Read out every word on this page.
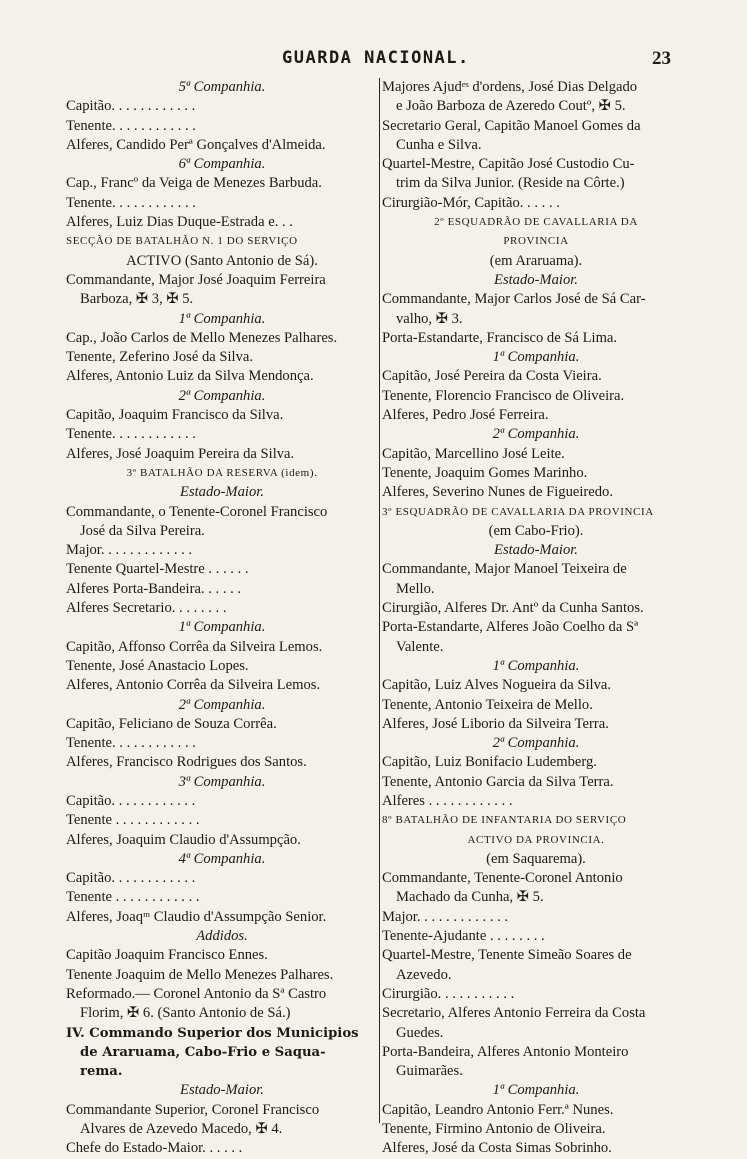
GUARDA NACIONAL.	23
5ª Companhia.
Capitão. . . . . . . . . . . .
Tenente. . . . . . . . . . . .
Alferes, Candido Perª Gonçalves d'Almeida.
6ª Companhia.
Cap., Francº da Veiga de Menezes Barbuda.
Tenente. . . . . . . . . . . .
Alferes, Luiz Dias Duque-Estrada e. . .
SECÇÃO DE BATALHÃO N. 1 DO SERVIÇO
ACTIVO (Santo Antonio de Sá).
Commandante, Major José Joaquim Ferreira
Barboza, ✠ 3, ✠ 5.
1ª Companhia.
Cap., João Carlos de Mello Menezes Palhares.
Tenente, Zeferino José da Silva.
Alferes, Antonio Luiz da Silva Mendonça.
2ª Companhia.
Capitão, Joaquim Francisco da Silva.
Tenente. . . . . . . . . . . .
Alferes, José Joaquim Pereira da Silva.
3º BATALHÃO DA RESERVA (idem).
Estado-Maior.
Commandante, o Tenente-Coronel Francisco
José da Silva Pereira.
Major. . . . . . . . . . . . .
Tenente Quartel-Mestre . . . . . .
Alferes Porta-Bandeira. . . . . .
Alferes Secretario. . . . . . . .
1ª Companhia.
Capitão, Affonso Corrêa da Silveira Lemos.
Tenente, José Anastacio Lopes.
Alferes, Antonio Corrêa da Silveira Lemos.
2ª Companhia.
Capitão, Feliciano de Souza Corrêa.
Tenente. . . . . . . . . . . .
Alferes, Francisco Rodrigues dos Santos.
3ª Companhia.
Capitão. . . . . . . . . . . .
Tenente . . . . . . . . . . . .
Alferes, Joaquim Claudio d'Assumpção.
4ª Companhia.
Capitão. . . . . . . . . . . .
Tenente . . . . . . . . . . . .
Alferes, Joaqᵐ Claudio d'Assumpção Senior.
Addidos.
Capitão Joaquim Francisco Ennes.
Tenente Joaquim de Mello Menezes Palhares.
Reformado.— Coronel Antonio da Sª Castro
Florim, ✠ 6. (Santo Antonio de Sá.)
IV. Commando Superior dos Municipios
de Araruama, Cabo-Frio e Saqua-
rema.
Estado-Maior.
Commandante Superior, Coronel Francisco
Alvares de Azevedo Macedo, ✠ 4.
Chefe do Estado-Maior. . . . . .
Majores Ajudᵉˢ d'ordens, José Dias Delgado
e João Barboza de Azeredo Coutº, ✠ 5.
Secretario Geral, Capitão Manoel Gomes da
Cunha e Silva.
Quartel-Mestre, Capitão José Custodio Cu-
trim da Silva Junior. (Reside na Côrte.)
Cirurgião-Mór, Capitão. . . . . .
2º ESQUADRÃO DE CAVALLARIA DA
PROVINCIA
(em Araruama).
Estado-Maior.
Commandante, Major Carlos José de Sá Car-
valho, ✠ 3.
Porta-Estandarte, Francisco de Sá Lima.
1ª Companhia.
Capitão, José Pereira da Costa Vieira.
Tenente, Florencio Francisco de Oliveira.
Alferes, Pedro José Ferreira.
2ª Companhia.
Capitão, Marcellino José Leite.
Tenente, Joaquim Gomes Marinho.
Alferes, Severino Nunes de Figueiredo.
3º ESQUADRÃO DE CAVALLARIA DA PROVINCIA
(em Cabo-Frio).
Estado-Maior.
Commandante, Major Manoel Teixeira de
Mello.
Cirurgião, Alferes Dr. Antº da Cunha Santos.
Porta-Estandarte, Alferes João Coelho da Sª
Valente.
1ª Companhia.
Capitão, Luiz Alves Nogueira da Silva.
Tenente, Antonio Teixeira de Mello.
Alferes, José Liborio da Silveira Terra.
2ª Companhia.
Capitão, Luiz Bonifacio Ludemberg.
Tenente, Antonio Garcia da Silva Terra.
Alferes . . . . . . . . . . . .
8º BATALHÃO DE INFANTARIA DO SERVIÇO
ACTIVO DA PROVINCIA.
(em Saquarema).
Commandante, Tenente-Coronel Antonio
Machado da Cunha, ✠ 5.
Major. . . . . . . . . . . . .
Tenente-Ajudante . . . . . . . .
Quartel-Mestre, Tenente Simeão Soares de
Azevedo.
Cirurgião. . . . . . . . . . .
Secretario, Alferes Antonio Ferreira da Costa
Guedes.
Porta-Bandeira, Alferes Antonio Monteiro
Guimarães.
1ª Companhia.
Capitão, Leandro Antonio Ferr.ª Nunes.
Tenente, Firmino Antonio de Oliveira.
Alferes, José da Costa Simas Sobrinho.
